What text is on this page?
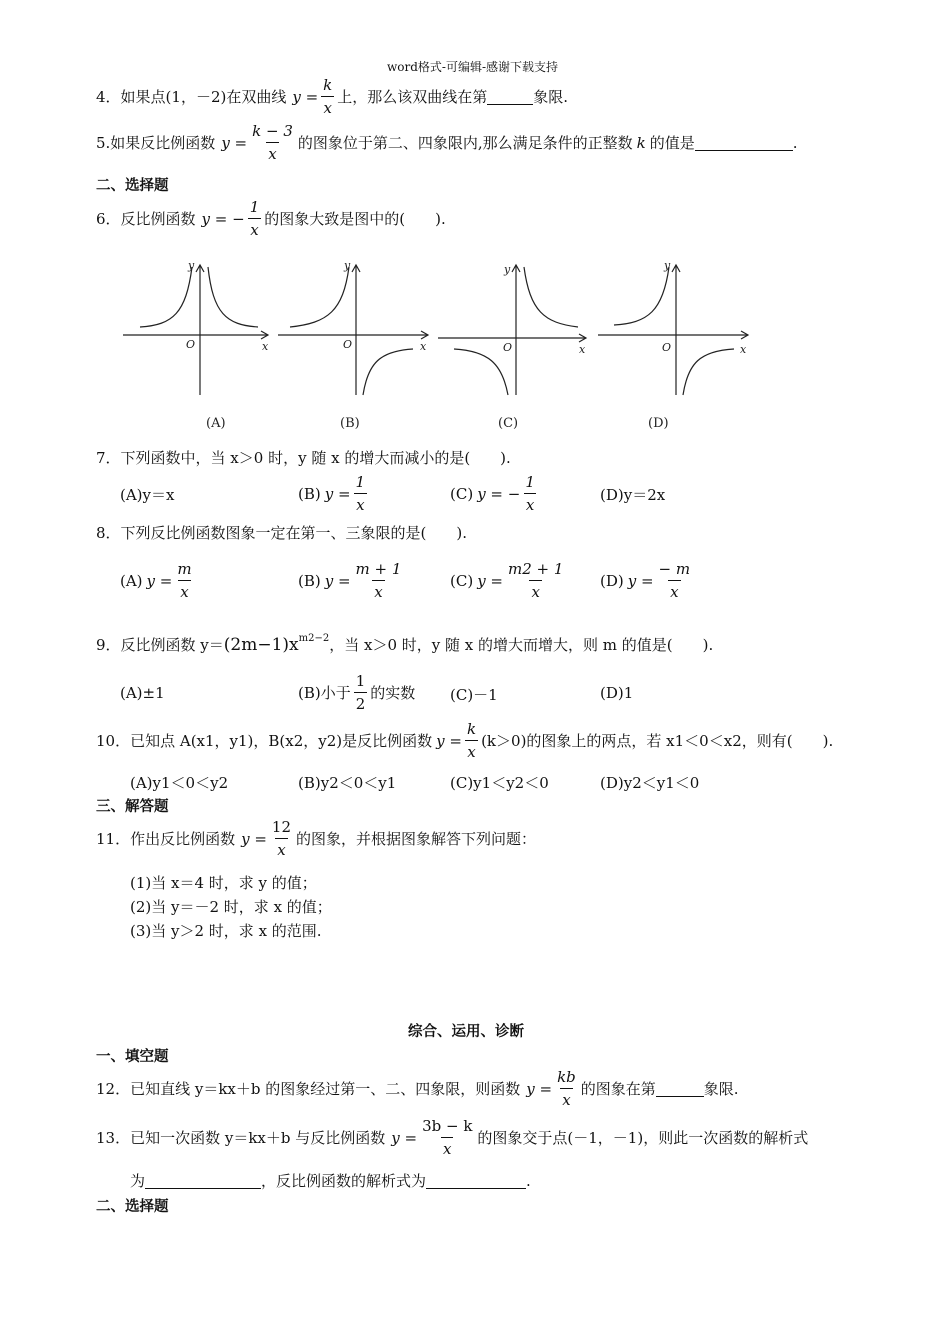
word格式-可编辑-感谢下载支持
4．如果点(1，－2)在双曲线 $y = \frac{k}{x}$ 上，那么该双曲线在第	象限.
5.如果反比例函数 $y = \frac{k - 3}{x}$ 的图象位于第二、四象限内,那么满足条件的正整数 k 的值是	.
二、选择题
6．反比例函数 y = − $\frac{1}{x}$ 的图象大致是图中的(　　).
y
O	x
y
O	x
y
O	x
y
O	x
(A)	(B)	(C)	(D)
7．下列函数中，当 x＞0 时，y 随 x 的增大而减小的是(　　).
(A)y＝x	(B) $y = \frac{1}{x}$	(C) y = − $\frac{1}{x}$	(D)y＝2x
8．下列反比例函数图象一定在第一、三象限的是(　　).
(A) $y = \frac{m}{x}$	(B) $y = \frac{m + 1}{x}$	(C) $y = \frac{m2 + 1}{x} (D) y = \frac{- m}{x}$
9．反比例函数 y＝ (2m−1)x m2−2 ，当 x＞0 时，y 随 x 的增大而增大，则 m 的值是(　　).
(A)±1	(B)小于 $\frac{1}{2}$ 的实数 (C)－1	(D)1
10．已知点 A(x1，y1)，B(x2，y2)是反比例函数 $y = \frac{k}{x} (k>0)$的图象上的两点，若 x1＜0＜x2，则有(　　).
(A)y1＜0＜y2	(B)y2＜0＜y1	(C)y1＜y2＜0	(D)y2＜y1＜0
三、解答题
11．作出反比例函数 $y = \frac{12}{x}$ 的图象，并根据图象解答下列问题：
(1)当 x＝4 时，求 y 的值；
(2)当 y＝－2 时，求 x 的值；
(3)当 y＞2 时，求 x 的范围.
综合、运用、诊断
一、填空题
12．已知直线 y＝kx＋b 的图象经过第一、二、四象限，则函数 $y = \frac{kb}{x}$ 的图象在第	象限.
13．已知一次函数 y＝kx＋b 与反比例函数 $y = \frac{3b - k}{x}$ 的图象交于点(－1，－1)，则此一次函数的解析式
为	，反比例函数的解析式为	.
二、选择题
